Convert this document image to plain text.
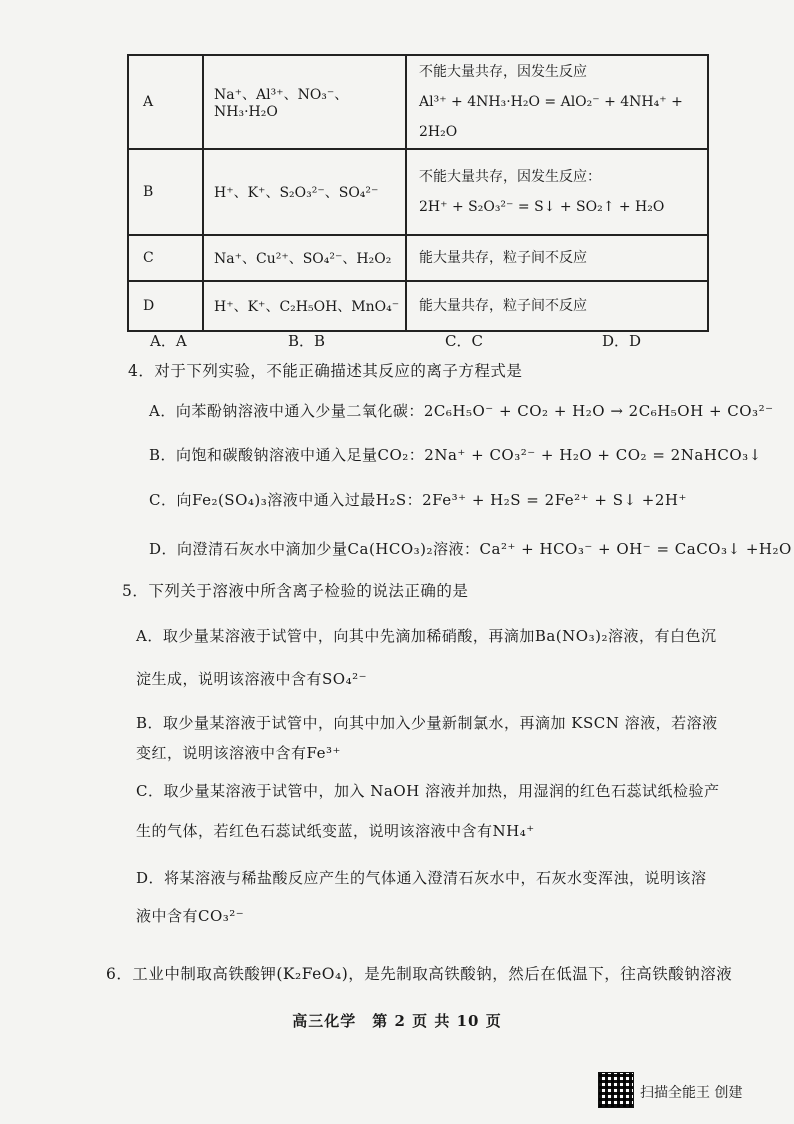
A	Na⁺、Al³⁺、NO₃⁻、NH₃·H₂O	不能大量共存，因发生反应
Al³⁺ + 4NH₃·H₂O = AlO₂⁻ + 4NH₄⁺ + 2H₂O

B	H⁺、K⁺、S₂O₃²⁻、SO₄²⁻	不能大量共存，因发生反应：
2H⁺ + S₂O₃²⁻ = S↓ + SO₂↑ + H₂O

C	Na⁺、Cu²⁺、SO₄²⁻、H₂O₂	能大量共存，粒子间不反应

D	H⁺、K⁺、C₂H₅OH、MnO₄⁻	能大量共存，粒子间不反应
A．A	B．B	C．C	D．D
4．对于下列实验，不能正确描述其反应的离子方程式是
A．向苯酚钠溶液中通入少量二氧化碳：2C₆H₅O⁻ + CO₂ + H₂O → 2C₆H₅OH + CO₃²⁻
B．向饱和碳酸钠溶液中通入足量CO₂：2Na⁺ + CO₃²⁻ + H₂O + CO₂ = 2NaHCO₃↓
C．向Fe₂(SO₄)₃溶液中通入过最H₂S：2Fe³⁺ + H₂S = 2Fe²⁺ + S↓ +2H⁺
D．向澄清石灰水中滴加少量Ca(HCO₃)₂溶液：Ca²⁺ + HCO₃⁻ + OH⁻ = CaCO₃↓ +H₂O
5．下列关于溶液中所含离子检验的说法正确的是
A．取少量某溶液于试管中，向其中先滴加稀硝酸，再滴加Ba(NO₃)₂溶液，有白色沉
淀生成，说明该溶液中含有SO₄²⁻
B．取少量某溶液于试管中，向其中加入少量新制氯水，再滴加 KSCN 溶液，若溶液
变红，说明该溶液中含有Fe³⁺
C．取少量某溶液于试管中，加入 NaOH 溶液并加热，用湿润的红色石蕊试纸检验产
生的气体，若红色石蕊试纸变蓝，说明该溶液中含有NH₄⁺
D．将某溶液与稀盐酸反应产生的气体通入澄清石灰水中，石灰水变浑浊，说明该溶
液中含有CO₃²⁻
6．工业中制取高铁酸钾(K₂FeO₄)，是先制取高铁酸钠，然后在低温下，往高铁酸钠溶液
高三化学　第 2 页 共 10 页
扫描全能王 创建
